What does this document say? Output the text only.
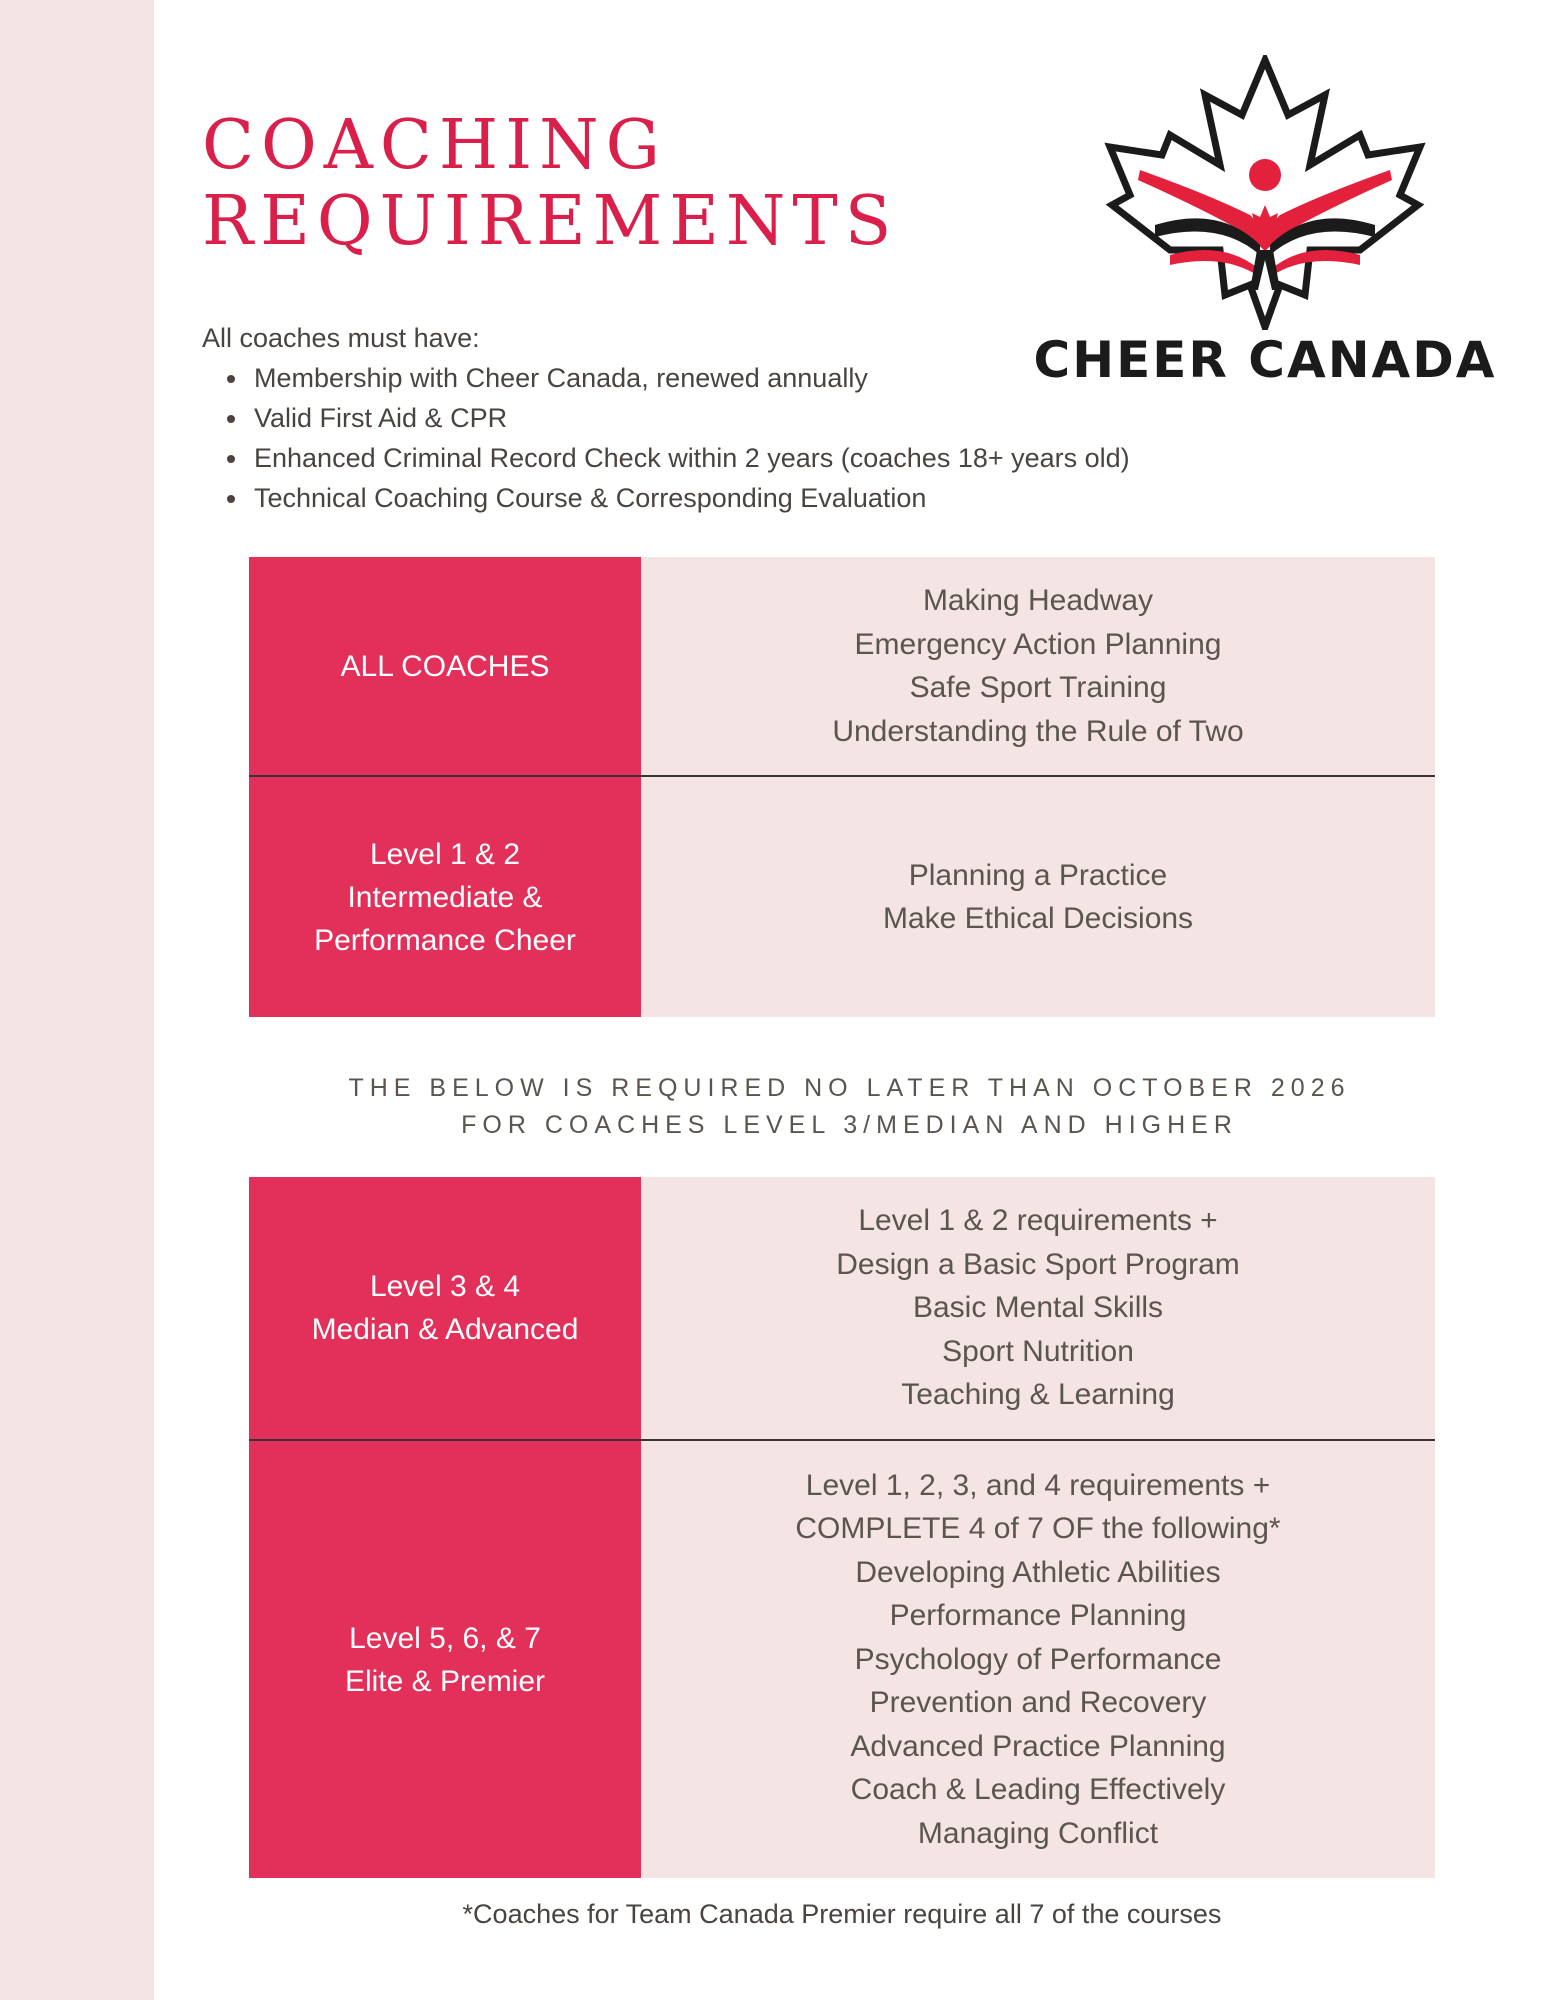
COACHING
REQUIREMENTS
CHEER CANADA
All coaches must have:
• Membership with Cheer Canada, renewed annually
• Valid First Aid & CPR
• Enhanced Criminal Record Check within 2 years (coaches 18+ years old)
• Technical Coaching Course & Corresponding Evaluation
ALL COACHES
Making Headway
Emergency Action Planning
Safe Sport Training
Understanding the Rule of Two
Level 1 & 2
Intermediate &
Performance Cheer
Planning a Practice
Make Ethical Decisions
THE BELOW IS REQUIRED NO LATER THAN OCTOBER 2026
FOR COACHES LEVEL 3/MEDIAN AND HIGHER
Level 3 & 4
Median & Advanced
Level 1 & 2 requirements +
Design a Basic Sport Program
Basic Mental Skills
Sport Nutrition
Teaching & Learning
Level 5, 6, & 7
Elite & Premier
Level 1, 2, 3, and 4 requirements +
COMPLETE 4 of 7 OF the following*
Developing Athletic Abilities
Performance Planning
Psychology of Performance
Prevention and Recovery
Advanced Practice Planning
Coach & Leading Effectively
Managing Conflict
*Coaches for Team Canada Premier require all 7 of the courses
